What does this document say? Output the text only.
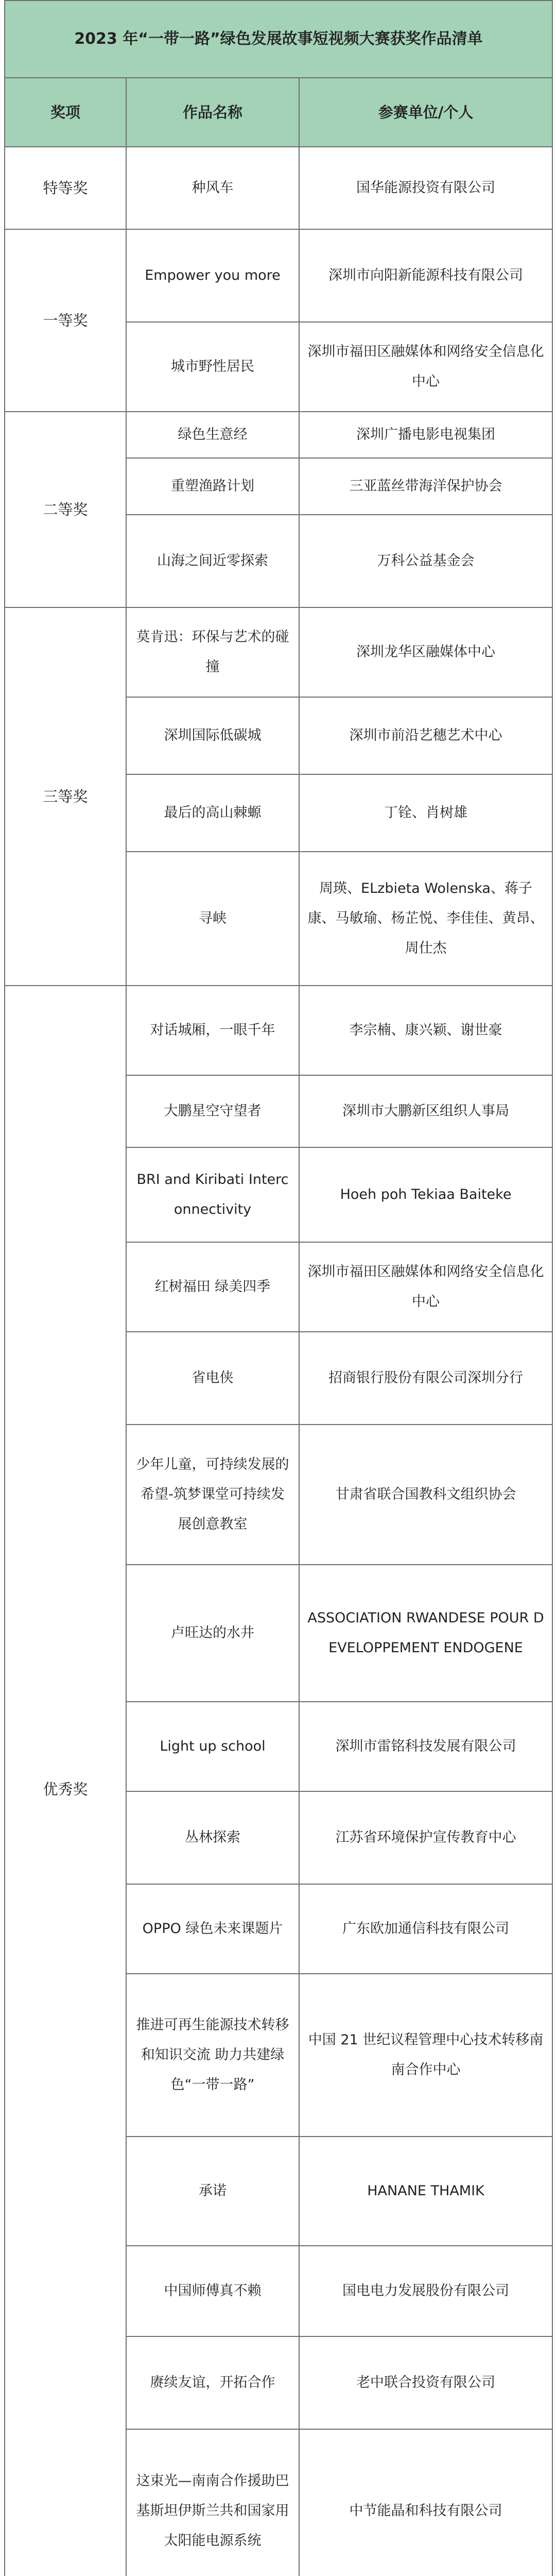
2023 年“一带一路”绿色发展故事短视频大赛获奖作品清单		
奖项	作品名称	参赛单位/个人
特等奖	种风车	国华能源投资有限公司
一等奖	Empower you more	深圳市向阳新能源科技有限公司
	城市野性居民	深圳市福田区融媒体和网络安全信息化中心
二等奖	绿色生意经	深圳广播电影电视集团
	重塑渔路计划	三亚蓝丝带海洋保护协会
	山海之间近零探索	万科公益基金会
三等奖	莫肯迅：环保与艺术的碰撞	深圳龙华区融媒体中心
	深圳国际低碳城	深圳市前沿艺穗艺术中心
	最后的高山棘螈	丁铨、肖树雄
	寻峡	周瑛、ELzbieta Wolenska、蒋子康、马敏瑜、杨芷悦、李佳佳、黄昂、周仕杰
优秀奖	对话城厢，一眼千年	李宗楠、康兴颖、谢世豪
	大鹏星空守望者	深圳市大鹏新区组织人事局
	BRI and Kiribati Interconnectivity	Hoeh poh Tekiaa Baiteke
	红树福田 绿美四季	深圳市福田区融媒体和网络安全信息化中心
	省电侠	招商银行股份有限公司深圳分行
	少年儿童，可持续发展的希望-筑梦课堂可持续发展创意教室	甘肃省联合国教科文组织协会
	卢旺达的水井	ASSOCIATION RWANDESE POUR DEVELOPPEMENT ENDOGENE
	Light up school	深圳市雷铭科技发展有限公司
	丛林探索	江苏省环境保护宣传教育中心
	OPPO 绿色未来课题片	广东欧加通信科技有限公司
	推进可再生能源技术转移和知识交流 助力共建绿色“一带一路”	中国 21 世纪议程管理中心技术转移南南合作中心
	承诺	HANANE THAMIK
	中国师傅真不赖	国电电力发展股份有限公司
	赓续友谊，开拓合作	老中联合投资有限公司
	这束光—南南合作援助巴基斯坦伊斯兰共和国家用太阳能电源系统	中节能晶和科技有限公司
